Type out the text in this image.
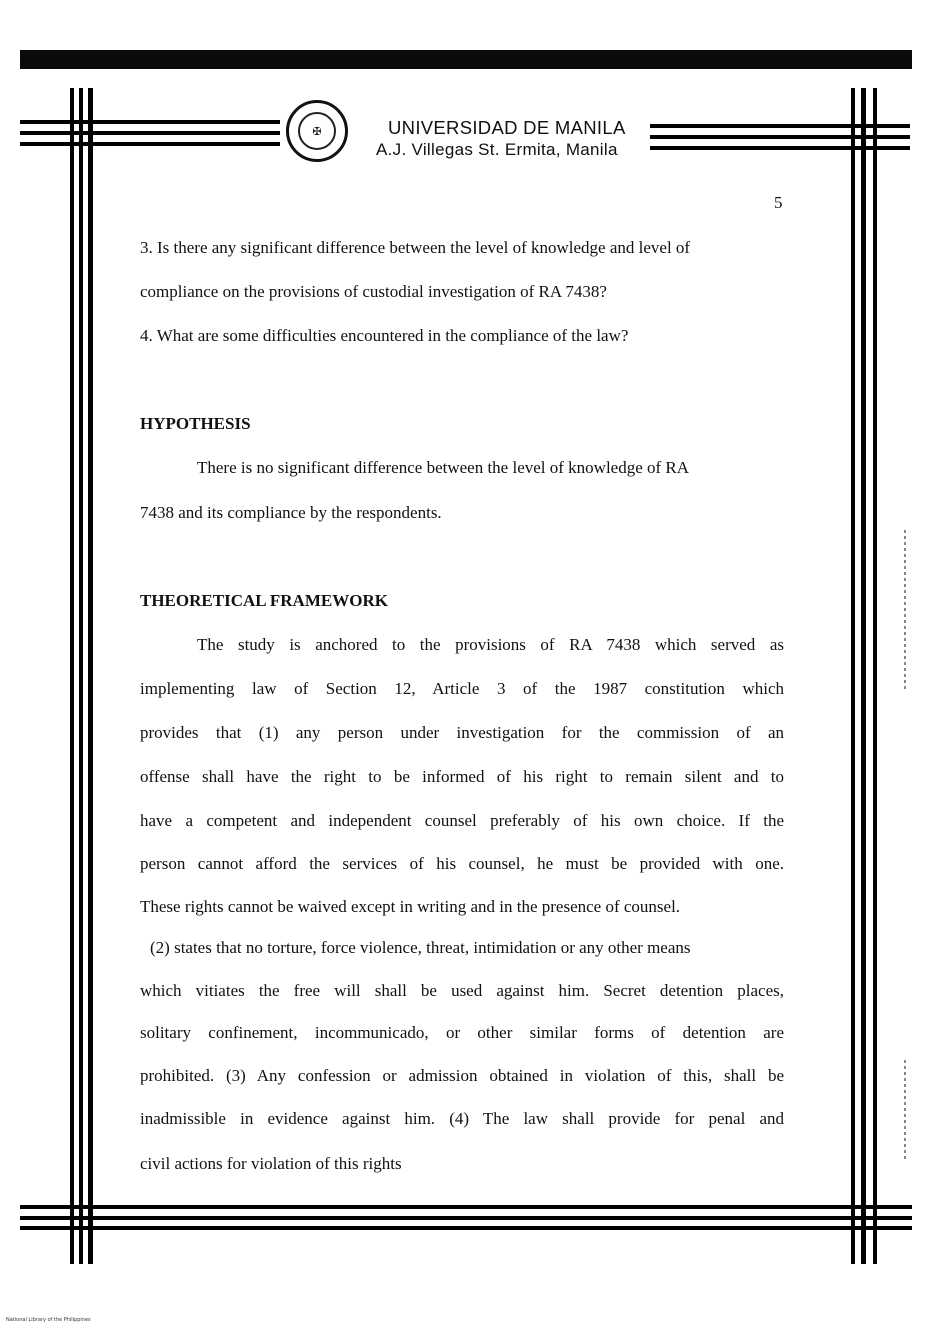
✠	UNIVERSIDAD DE MANILA
A.J. Villegas St. Ermita, Manila
5
3. Is there any significant difference between the level of knowledge and level of
compliance on the provisions of custodial investigation of RA 7438?
4. What are some difficulties encountered in the compliance of the law?
HYPOTHESIS
There is no significant difference between the level of knowledge of RA
7438 and its compliance by the respondents.
THEORETICAL FRAMEWORK
The study is anchored to the provisions of RA 7438 which served as
implementing law of Section 12, Article 3 of the 1987 constitution which
provides that (1) any person under investigation for the commission of an
offense shall have the right to be informed of his right to remain silent and to
have a competent and independent counsel preferably of his own choice. If the
person cannot afford the services of his counsel, he must be provided with one.
These rights cannot be waived except in writing and in the presence of counsel.
(2) states that no torture, force violence, threat, intimidation or any other means
which vitiates the free will shall be used against him. Secret detention places,
solitary confinement, incommunicado, or other similar forms of detention are
prohibited. (3) Any confession or admission obtained in violation of this, shall be
inadmissible in evidence against him. (4) The law shall provide for penal and
civil actions for violation of this rights
National Library of the Philippines
